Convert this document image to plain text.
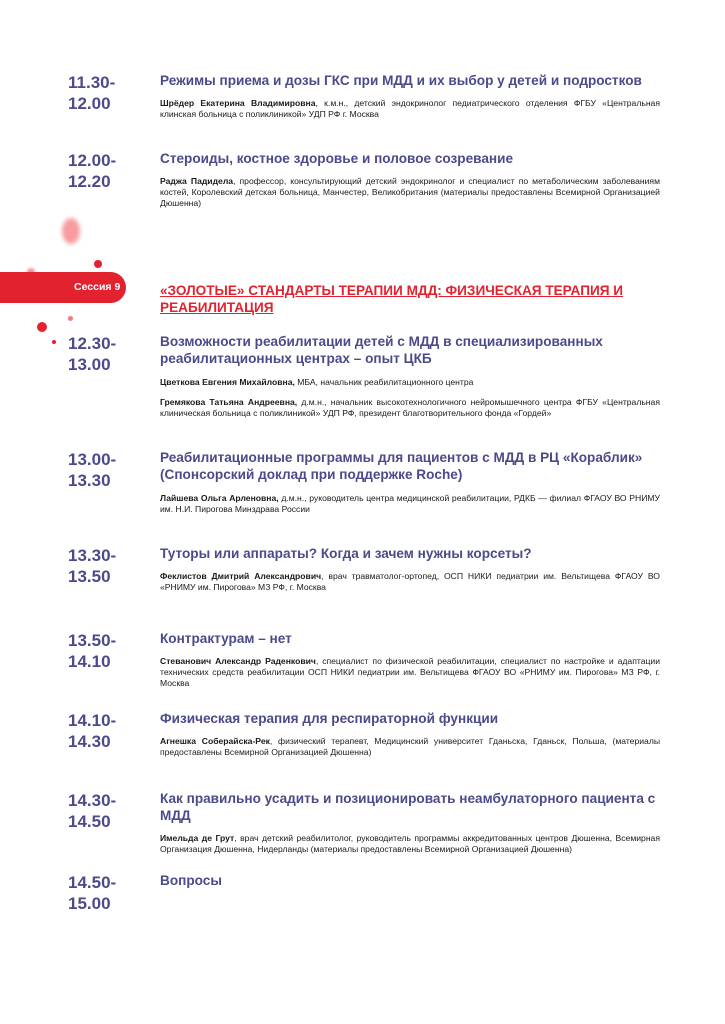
Сессия 9	«ЗОЛОТЫЕ» СТАНДАРТЫ ТЕРАПИИ МДД: ФИЗИЧЕСКАЯ ТЕРАПИЯ И РЕАБИЛИТАЦИЯ
11.30-
12.00
Режимы приема и дозы ГКС при МДД и их выбор у детей и подростков
Шрёдер Екатерина Владимировна, к.м.н., детский эндокринолог педиатрического отделения ФГБУ «Центральная клинская больница с поликлиникой» УДП РФ г. Москва
12.00-
12.20
Стероиды, костное здоровье и половое созревание
Раджа Падидела, профессор, консультирующий детский эндокринолог и специалист по метаболическим заболеваниям костей, Королевский детская больница, Манчестер, Великобритания (материалы предоставлены Всемирной Организацией Дюшенна)
12.30-
13.00
Возможности реабилитации детей с МДД в специализированных реабилитационных центрах – опыт ЦКБ
Цветкова Евгения Михайловна, МБА, начальник реабилитационного центра
Гремякова Татьяна Андреевна, д.м.н., начальник высокотехнологичного нейромышечного центра ФГБУ «Центральная клиническая больница с поликлиникой» УДП РФ, президент благотворительного фонда «Гордей»
13.00-
13.30
Реабилитационные программы для пациентов с МДД в РЦ «Кораблик» (Спонсорский доклад при поддержке Roche)
Лайшева Ольга Арленовна, д.м.н., руководитель центра медицинской реабилитации, РДКБ — филиал ФГАОУ ВО РНИМУ им. Н.И. Пирогова Минздрава России
13.30-
13.50
Туторы или аппараты? Когда и зачем нужны корсеты?
Феклистов Дмитрий Александрович, врач травматолог-ортопед, ОСП НИКИ педиатрии им. Вельтищева ФГАОУ ВО «РНИМУ им. Пирогова» МЗ РФ, г. Москва
13.50-
14.10
Контрактурам – нет
Стеванович Александр Раденкович, специалист по физической реабилитации, специалист по настройке и адаптации технических средств реабилитации ОСП НИКИ педиатрии им. Вельтищева ФГАОУ ВО «РНИМУ им. Пирогова» МЗ РФ, г. Москва
14.10-
14.30
Физическая терапия для респираторной функции
Агнешка Соберайска-Рек, физический терапевт, Медицинский университет Гданьска, Гданьск, Польша, (материалы предоставлены Всемирной Организацией Дюшенна)
14.30-
14.50
Как правильно усадить и позиционировать неамбулаторного пациента с МДД
Имельда де Грут, врач детский реабилитолог, руководитель программы аккредитованных центров Дюшенна, Всемирная Организация Дюшенна, Нидерланды (материалы предоставлены Всемирной Организацией Дюшенна)
14.50-
15.00
Вопросы
